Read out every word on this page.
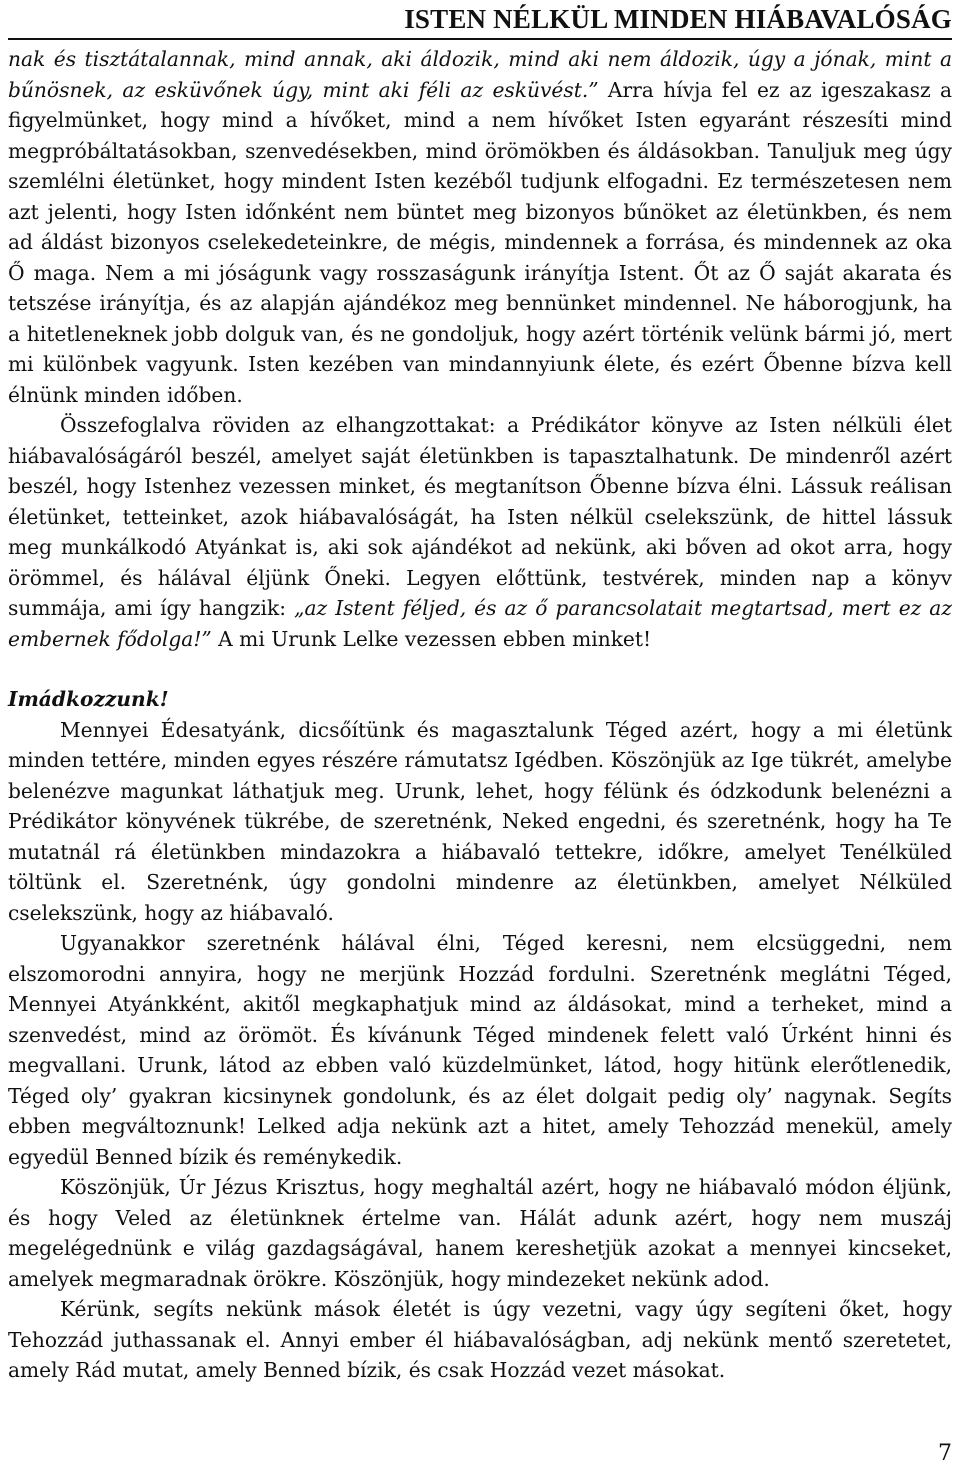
ISTEN NÉLKÜL MINDEN HIÁBAVALÓSÁG

nak és tisztátalannak, mind annak, aki áldozik, mind aki nem áldozik, úgy a jónak, mint a bűnösnek, az esküvőnek úgy, mint aki féli az esküvést.” Arra hívja fel ez az igeszakasz a figyelmünket, hogy mind a hívőket, mind a nem hívőket Isten egyaránt részesíti mind megpróbáltatásokban, szenvedésekben, mind örömökben és áldásokban. Tanuljuk meg úgy szemlélni életünket, hogy mindent Isten kezéből tudjunk elfogadni. Ez természetesen nem azt jelenti, hogy Isten időnként nem büntet meg bizonyos bűnöket az életünkben, és nem ad áldást bizonyos cselekedeteinkre, de mégis, mindennek a forrása, és mindennek az oka Ő maga. Nem a mi jóságunk vagy rosszaságunk irányítja Istent. Őt az Ő saját akarata és tetszése irányítja, és az alapján ajándékoz meg bennünket mindennel. Ne háborogjunk, ha a hitetleneknek jobb dolguk van, és ne gondoljuk, hogy azért történik velünk bármi jó, mert mi különbek vagyunk. Isten kezében van mindannyiunk élete, és ezért Őbenne bízva kell élnünk minden időben.

Összefoglalva röviden az elhangzottakat: a Prédikátor könyve az Isten nélküli élet hiábavalóságáról beszél, amelyet saját életünkben is tapasztalhatunk. De mindenről azért beszél, hogy Istenhez vezessen minket, és megtanítson Őbenne bízva élni. Lássuk reálisan életünket, tetteinket, azok hiábavalóságát, ha Isten nélkül cselekszünk, de hittel lássuk meg munkálkodó Atyánkat is, aki sok ajándékot ad nekünk, aki bőven ad okot arra, hogy örömmel, és hálával éljünk Őneki. Legyen előttünk, testvérek, minden nap a könyv summája, ami így hangzik: „az Istent féljed, és az ő parancsolatait megtartsad, mert ez az embernek fődolga!” A mi Urunk Lelke vezessen ebben minket!

Imádkozzunk!

Mennyei Édesatyánk, dicsőítünk és magasztalunk Téged azért, hogy a mi életünk minden tettére, minden egyes részére rámutatsz Igédben. Köszönjük az Ige tükrét, amelybe belenézve magunkat láthatjuk meg. Urunk, lehet, hogy félünk és ódzkodunk belenézni a Prédikátor könyvének tükrébe, de szeretnénk, Neked engedni, és szeretnénk, hogy ha Te mutatnál rá életünkben mindazokra a hiábavaló tettekre, időkre, amelyet Tenélküled töltünk el. Szeretnénk, úgy gondolni mindenre az életünkben, amelyet Nélküled cselekszünk, hogy az hiábavaló.

Ugyanakkor szeretnénk hálával élni, Téged keresni, nem elcsüggedni, nem elszomorodni annyira, hogy ne merjünk Hozzád fordulni. Szeretnénk meglátni Téged, Mennyei Atyánkként, akitől megkaphatjuk mind az áldásokat, mind a terheket, mind a szenvedést, mind az örömöt. És kívánunk Téged mindenek felett való Úrként hinni és megvallani. Urunk, látod az ebben való küzdelmünket, látod, hogy hitünk elerőtlenedik, Téged oly’ gyakran kicsinynek gondolunk, és az élet dolgait pedig oly’ nagynak. Segíts ebben megváltoznunk! Lelked adja nekünk azt a hitet, amely Tehozzád menekül, amely egyedül Benned bízik és reménykedik.

Köszönjük, Úr Jézus Krisztus, hogy meghaltál azért, hogy ne hiábavaló módon éljünk, és hogy Veled az életünknek értelme van. Hálát adunk azért, hogy nem muszáj megelégednünk e világ gazdagságával, hanem kereshetjük azokat a mennyei kincseket, amelyek megmaradnak örökre. Köszönjük, hogy mindezeket nekünk adod.

Kérünk, segíts nekünk mások életét is úgy vezetni, vagy úgy segíteni őket, hogy Tehozzád juthassanak el. Annyi ember él hiábavalóságban, adj nekünk mentő szeretetet, amely Rád mutat, amely Benned bízik, és csak Hozzád vezet másokat.

7
